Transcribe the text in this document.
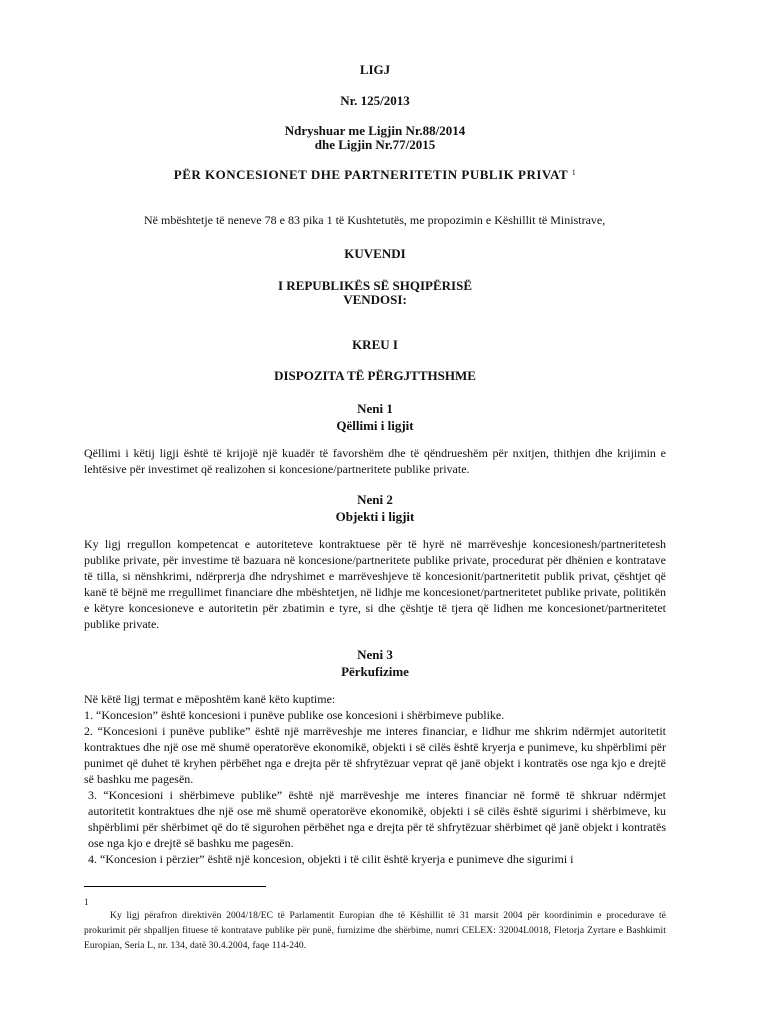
LIGJ

Nr. 125/2013

Ndryshuar me Ligjin Nr.88/2014

dhe Ligjin Nr.77/2015

PËR KONCESIONET DHE PARTNERITETIN PUBLIK PRIVAT $^1$

Në mbështetje të neneve 78 e 83 pika 1 të Kushtetutës, me propozimin e Këshillit të Ministrave,

KUVENDI

I REPUBLIKËS SË SHQIPËRISË

VENDOSI:

KREU I

DISPOZITA TË PËRGJTTHSHME

Neni 1

Qëllimi i ligjit

Qëllimi i këtij ligji është të krijojë një kuadër të favorshëm dhe të qëndrueshëm për nxitjen, thithjen dhe krijimin e lehtësive për investimet që realizohen si koncesione/partneritete publike private.

Neni 2

Objekti i ligjit

Ky ligj rregullon kompetencat e autoriteteve kontraktuese për të hyrë në marrëveshje koncesionesh/partneritetesh publike private, për investime të bazuara në koncesione/partneritete publike private, procedurat për dhënien e kontratave të tilla, si nënshkrimi, ndërprerja dhe ndryshimet e marrëveshjeve të koncesionit/partneritetit publik privat, çështjet që kanë të bëjnë me rregullimet financiare dhe mbështetjen, në lidhje me koncesionet/partneritetet publike private, politikën e këtyre koncesioneve e autoritetin për zbatimin e tyre, si dhe çështje të tjera që lidhen me koncesionet/partneritetet publike private.

Neni 3

Përkufizime

Në këtë ligj termat e mëposhtëm kanë këto kuptime:

1. “Koncesion” është koncesioni i punëve publike ose koncesioni i shërbimeve publike.

2. “Koncesioni i punëve publike” është një marrëveshje me interes financiar, e lidhur me shkrim ndërmjet autoritetit kontraktues dhe një ose më shumë operatorëve ekonomikë, objekti i së cilës është kryerja e punimeve, ku shpërblimi për punimet që duhet të kryhen përbëhet nga e drejta për të shfrytëzuar veprat që janë objekt i kontratës ose nga kjo e drejtë së bashku me pagesën.

3. “Koncesioni i shërbimeve publike” është një marrëveshje me interes financiar në formë të shkruar ndërmjet autoritetit kontraktues dhe një ose më shumë operatorëve ekonomikë, objekti i së cilës është sigurimi i shërbimeve, ku shpërblimi për shërbimet që do të sigurohen përbëhet nga e drejta për të shfrytëzuar shërbimet që janë objekt i kontratës ose nga kjo e drejtë së bashku me pagesën.

4. “Koncesion i përzier” është një koncesion, objekti i të cilit është kryerja e punimeve dhe sigurimi i

1

Ky ligj përafron direktivën 2004/18/EC të Parlamentit Europian dhe të Këshillit të 31 marsit 2004 për koordinimin e procedurave të prokurimit për shpalljen fituese të kontratave publike për punë, furnizime dhe shërbime, numri CELEX: 32004L0018, Fletorja Zyrtare e Bashkimit Europian, Seria L, nr. 134, datë 30.4.2004, faqe 114-240.
